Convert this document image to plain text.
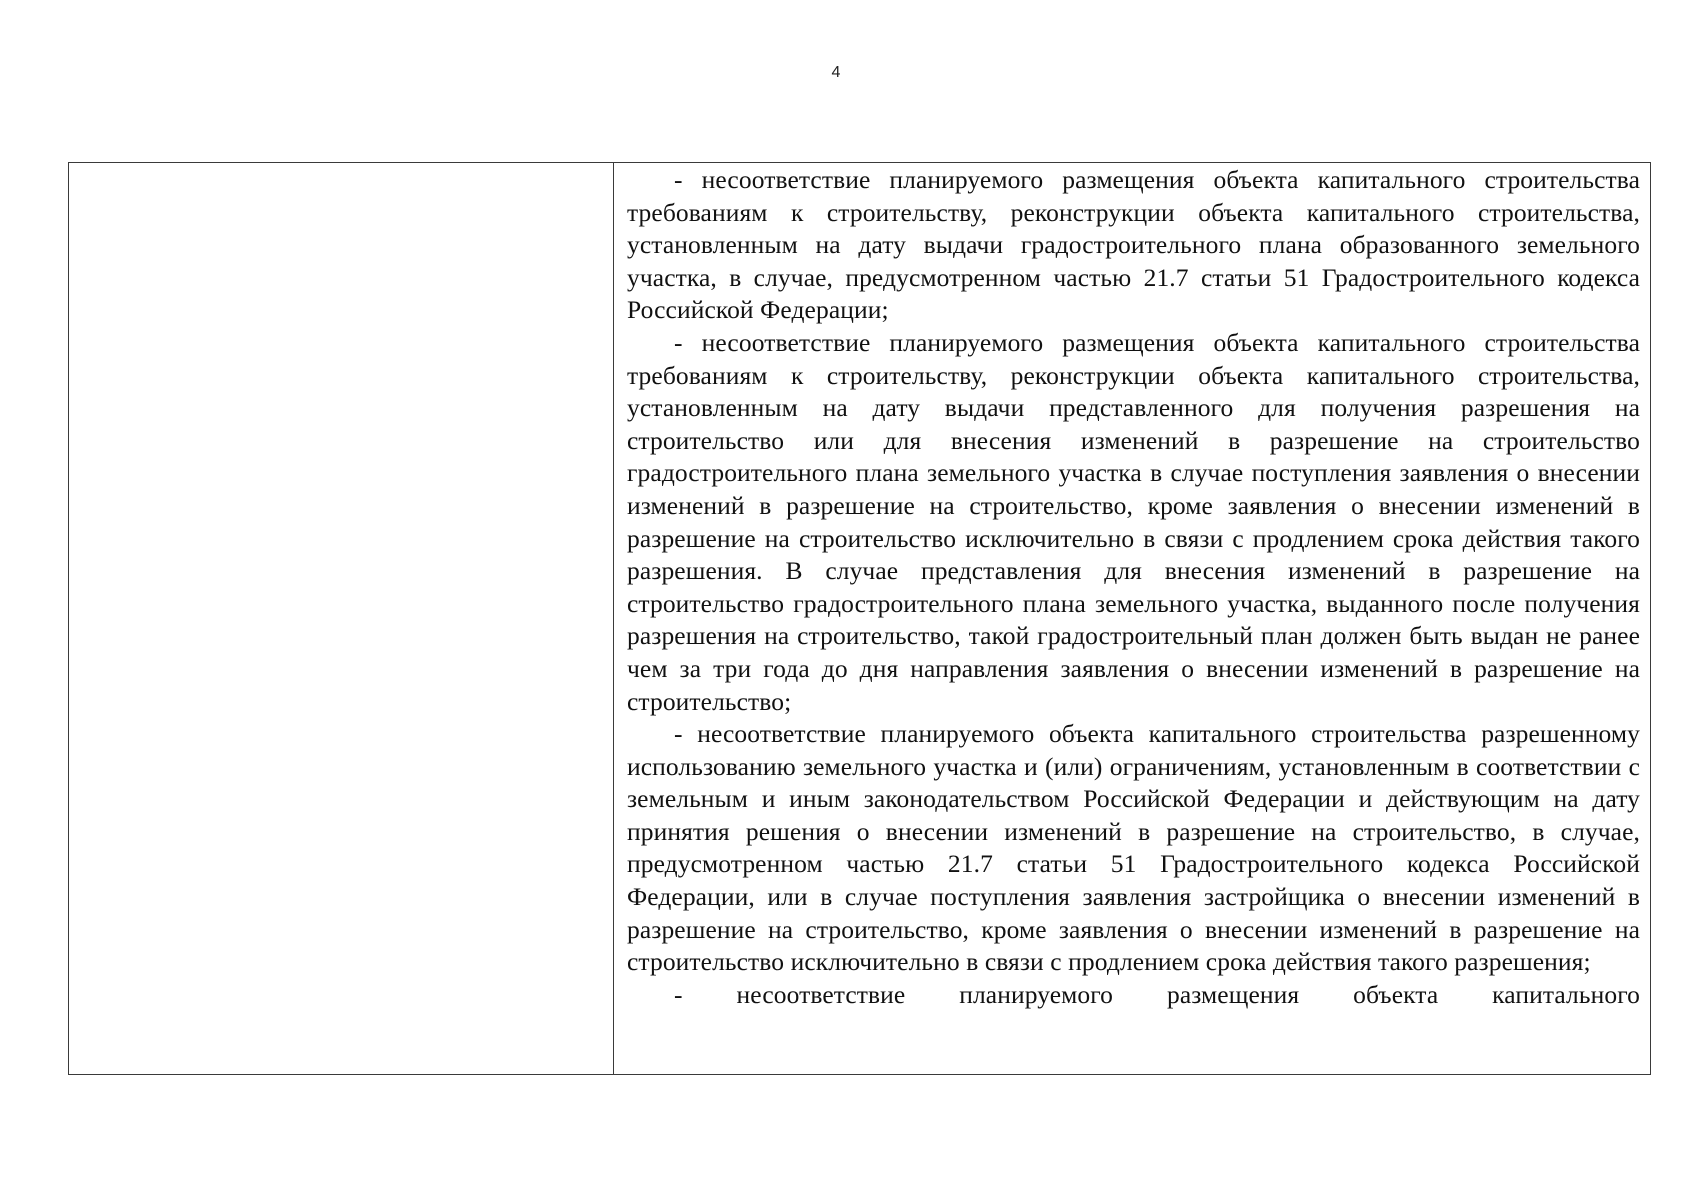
4

- несоответствие планируемого размещения объекта капитального строительства требованиям к строительству, реконструкции объекта капитального строительства, установленным на дату выдачи градостроительного плана образованного земельного участка, в случае, предусмотренном частью 21.7 статьи 51 Градостроительного кодекса Российской Федерации;

- несоответствие планируемого размещения объекта капитального строительства требованиям к строительству, реконструкции объекта капитального строительства, установленным на дату выдачи представленного для получения разрешения на строительство или для внесения изменений в разрешение на строительство градостроительного плана земельного участка в случае поступления заявления о внесении изменений в разрешение на строительство, кроме заявления о внесении изменений в разрешение на строительство исключительно в связи с продлением срока действия такого разрешения. В случае представления для внесения изменений в разрешение на строительство градостроительного плана земельного участка, выданного после получения разрешения на строительство, такой градостроительный план должен быть выдан не ранее чем за три года до дня направления заявления о внесении изменений в разрешение на строительство;

- несоответствие планируемого объекта капитального строительства разрешенному использованию земельного участка и (или) ограничениям, установленным в соответствии с земельным и иным законодательством Российской Федерации и действующим на дату принятия решения о внесении изменений в разрешение на строительство, в случае, предусмотренном частью 21.7 статьи 51 Градостроительного кодекса Российской Федерации, или в случае поступления заявления застройщика о внесении изменений в разрешение на строительство, кроме заявления о внесении изменений в разрешение на строительство исключительно в связи с продлением срока действия такого разрешения;

- несоответствие планируемого размещения объекта капитального
